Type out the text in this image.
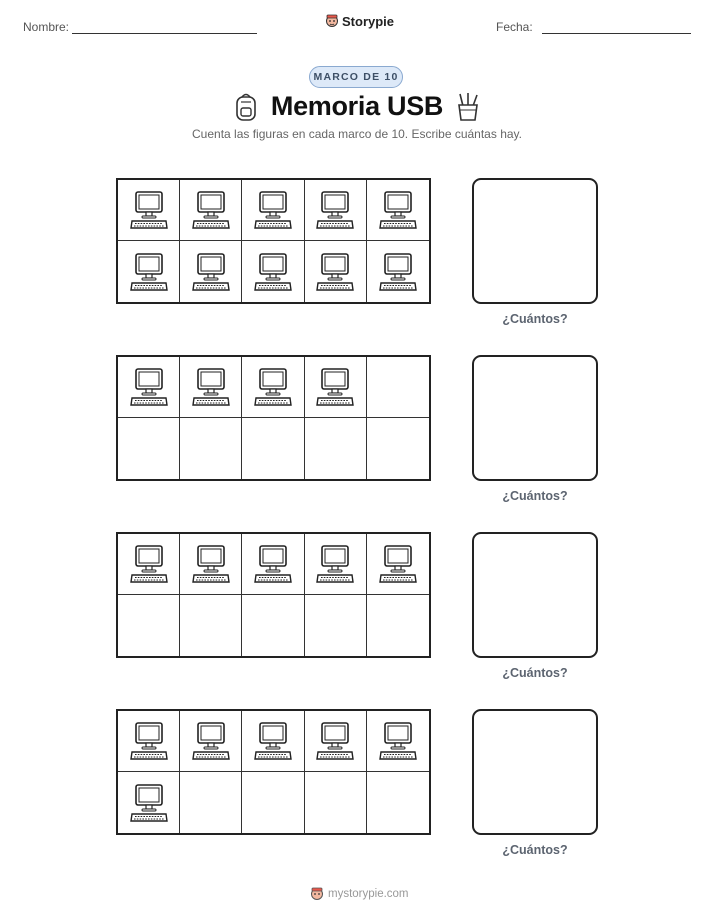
Nombre:	Storypie	Fecha:
MARCO DE 10
Memoria USB
Cuenta las figuras en cada marco de 10. Escribe cuántas hay.
¿Cuántos?
¿Cuántos?
¿Cuántos?
¿Cuántos?
mystorypie.com
